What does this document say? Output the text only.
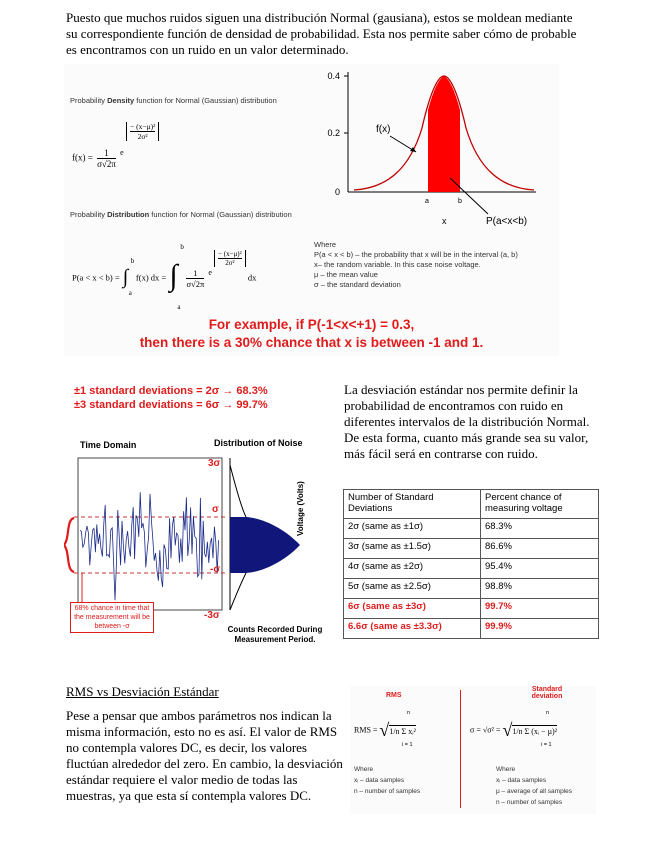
Puesto que muchos ruidos siguen una distribución Normal (gausiana), estos se moldean mediante su correspondiente función de densidad de probabilidad. Esta nos permite saber cómo de probable es encontramos con un ruido en un valor determinado.

Probability Density function for Normal (Gaussian) distribution
$f(x) = \frac{1}{\sigma√2\pi}$ e
$\frac{\text{− (x−μ)²}}{\text{2σ²}}$
Probability Distribution function for Normal (Gaussian) distribution
P(a < x < b) = ∫
b
a
f(x) dx = ∫
b
a

$\frac{1}{\sigma√2\pi}$ e
$\frac{\text{− (x−μ)²}}{\text{2σ²}}$
dx
Where
P(a < x < b) – the probability that x will be in the interval (a, b)
x– the random variable. In this case noise voltage.
μ – the mean value
σ – the standard deviation
For example, if P(-1<x<+1) = 0.3,
then there is a 30% chance that x is between -1 and 1.
0.4
0.2
0
f(x)
P(a<x<b)
a	b
x
±1 standard deviations = 2σ → 68.3%
±3 standard deviations = 6σ → 99.7%
Time Domain	Distribution of Noise
3σ
σ
-σ
-3σ
Voltage (Volts)
Counts Recorded During Measurement Period.
68% chance in time that the measurement will be between -σ

La desviación estándar nos permite definir la probabilidad de encontramos con ruido en diferentes intervalos de la distribución Normal. De esta forma, cuanto más grande sea su valor, más fácil será en contrarse con ruido.

Number of Standard Deviations	Percent chance of measuring voltage
2σ (same as ±1σ)	68.3%
3σ (same as ±1.5σ)	86.6%
4σ (same as ±2σ)	95.4%
5σ (same as ±2.5σ)	98.8%
6σ (same as ±3σ)	99.7%
6.6σ (same as ±3.3σ)	99.9%
RMS vs Desviación Estándar

Pese a pensar que ambos parámetros nos indican la misma información, esto no es así. El valor de RMS no contempla valores DC, es decir, los valores fluctúan alrededor del zero. En cambio, la desviación estándar requiere el valor medio de todas las muestras, ya que esta sí contempla valores DC.

RMS
Standard deviation
RMS = √1/n Σ xᵢ²	σ = √σ² = √1/n Σ (xᵢ − μ)²
n
i = 1
n
i = 1
Where
xᵢ – data samples
n – number of samples
Where
xᵢ – data samples
μ – average of all samples
n – number of samples
